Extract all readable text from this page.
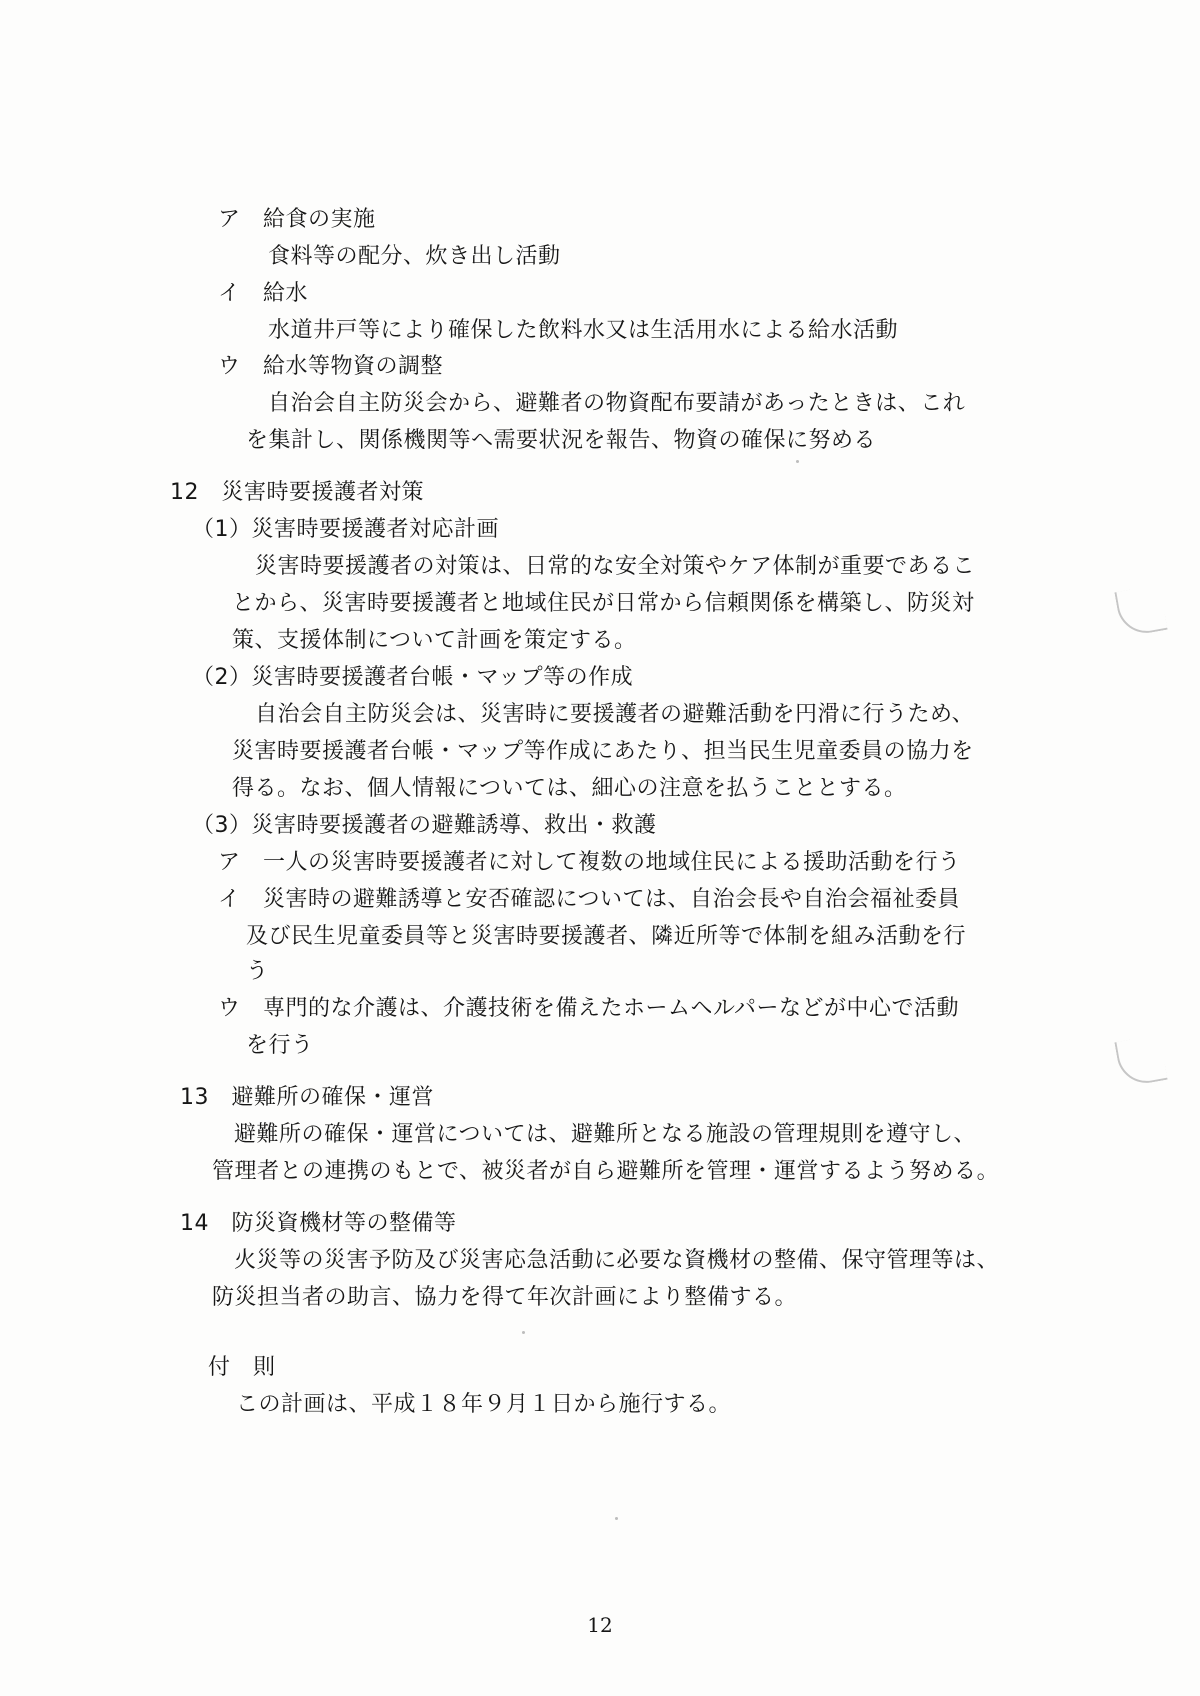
ア　給食の実施
食料等の配分、炊き出し活動
イ　給水
水道井戸等により確保した飲料水又は生活用水による給水活動
ウ　給水等物資の調整
自治会自主防災会から、避難者の物資配布要請があったときは、これ
を集計し、関係機関等へ需要状況を報告、物資の確保に努める
12　災害時要援護者対策
（1）災害時要援護者対応計画
災害時要援護者の対策は、日常的な安全対策やケア体制が重要であるこ
とから、災害時要援護者と地域住民が日常から信頼関係を構築し、防災対
策、支援体制について計画を策定する。
（2）災害時要援護者台帳・マップ等の作成
自治会自主防災会は、災害時に要援護者の避難活動を円滑に行うため、
災害時要援護者台帳・マップ等作成にあたり、担当民生児童委員の協力を
得る。なお、個人情報については、細心の注意を払うこととする。
（3）災害時要援護者の避難誘導、救出・救護
ア　一人の災害時要援護者に対して複数の地域住民による援助活動を行う
イ　災害時の避難誘導と安否確認については、自治会長や自治会福祉委員
及び民生児童委員等と災害時要援護者、隣近所等で体制を組み活動を行
う
ウ　専門的な介護は、介護技術を備えたホームヘルパーなどが中心で活動
を行う
13　避難所の確保・運営
避難所の確保・運営については、避難所となる施設の管理規則を遵守し、
管理者との連携のもとで、被災者が自ら避難所を管理・運営するよう努める。
14　防災資機材等の整備等
火災等の災害予防及び災害応急活動に必要な資機材の整備、保守管理等は、
防災担当者の助言、協力を得て年次計画により整備する。
付　則
この計画は、平成１８年９月１日から施行する。
12
